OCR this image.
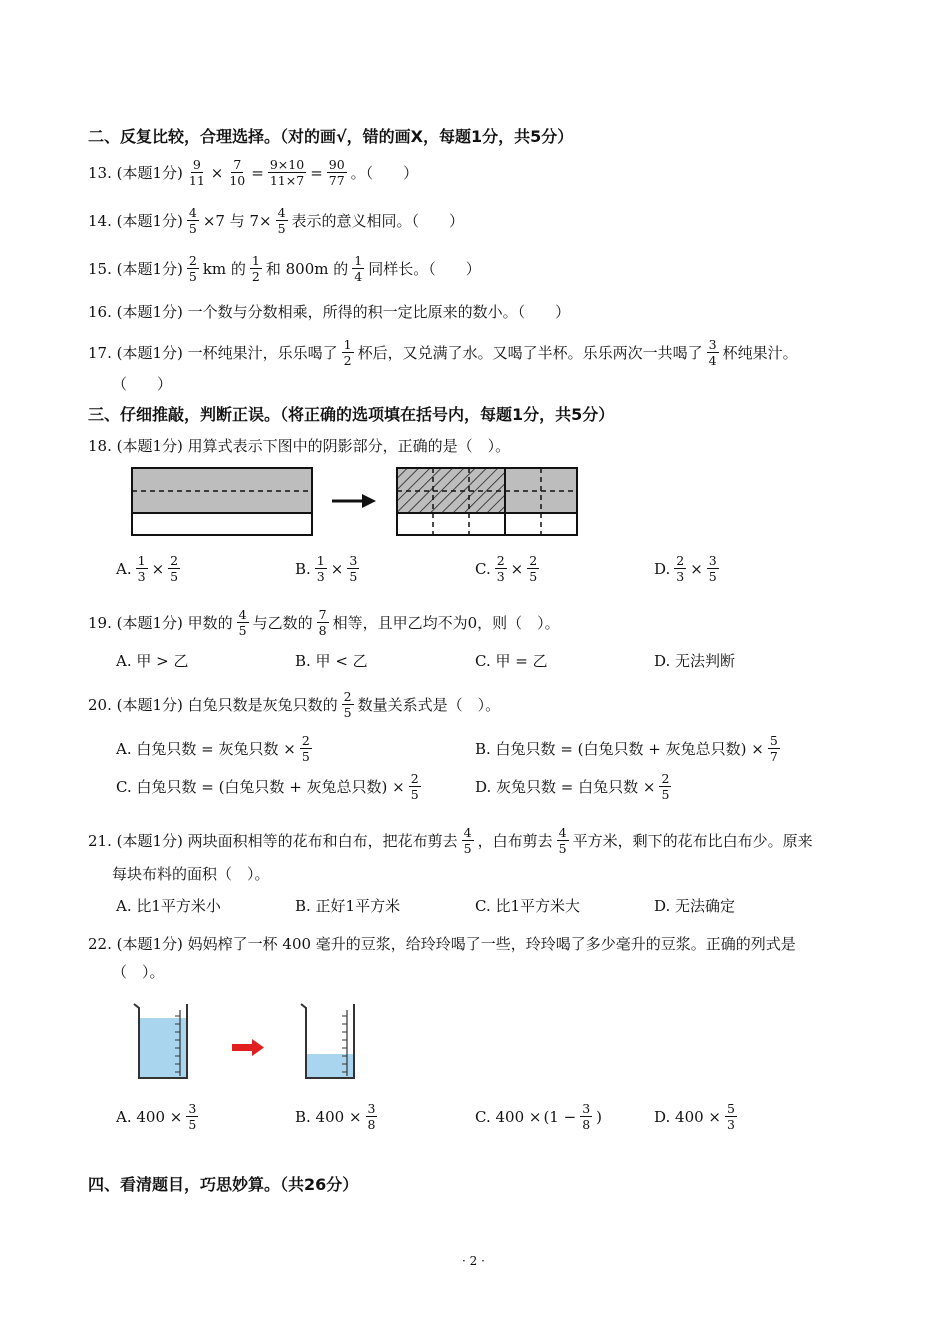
二、反复比较，合理选择。（对的画√，错的画X，每题1分，共5分）
13. (本题1分) $\frac{9}{11} \times \frac{7}{10} = \frac{9\times 10}{11\times 7} = \frac{90}{77}$ 。（　　）
14. (本题1分) $\frac{4}{5} \times 7$ 与 $7\times \frac{4}{5}$ 表示的意义相同。（　　）
15. (本题1分) $\frac{2}{5}$ km 的 $\frac{1}{2}$ 和 800m 的 $\frac{1}{4}$ 同样长。（　　）
16. (本题1分) 一个数与分数相乘，所得的积一定比原来的数小。（　　）
17. (本题1分) 一杯纯果汁，乐乐喝了 $\frac{1}{2}$ 杯后，又兑满了水。又喝了半杯。乐乐两次一共喝了 $\frac{3}{4}$ 杯纯果汁。
（　　）
三、仔细推敲，判断正误。（将正确的选项填在括号内，每题1分，共5分）
18. (本题1分) 用算式表示下图中的阴影部分，正确的是（　）。
A. $\frac{1}{3} \times \frac{2}{5}$	B. $\frac{1}{3} \times \frac{3}{5}$	C. $\frac{2}{3} \times \frac{2}{5}$	D. $\frac{2}{3} \times \frac{3}{5}$
19. (本题1分) 甲数的 $\frac{4}{5}$ 与乙数的 $\frac{7}{8}$ 相等，且甲乙均不为0，则（　）。
A. 甲 > 乙	B. 甲 < 乙	C. 甲 = 乙	D. 无法判断
20. (本题1分) 白兔只数是灰兔只数的 $\frac{2}{5}$ 数量关系式是（　）。
A. 白兔只数 = 灰兔只数 × $\frac{2}{5}$	B. 白兔只数 = (白兔只数 + 灰兔总只数) × $\frac{5}{7}$
C. 白兔只数 = (白兔只数 + 灰兔总只数) × $\frac{2}{5}$	D. 灰兔只数 = 白兔只数 × $\frac{2}{5}$
21. (本题1分) 两块面积相等的花布和白布，把花布剪去 $\frac{4}{5}$ ，白布剪去 $\frac{4}{5}$ 平方米，剩下的花布比白布少。原来
每块布料的面积（　）。
A. 比1平方米小	B. 正好1平方米	C. 比1平方米大	D. 无法确定
22. (本题1分) 妈妈榨了一杯 400 毫升的豆浆，给玲玲喝了一些，玲玲喝了多少毫升的豆浆。正确的列式是
（　）。
A. $400 \times \frac{3}{5}$	B. $400 \times \frac{3}{8}$	C. $400 \times (1 - \frac{3}{8}$ )	D. $400 \times \frac{5}{3}$
四、看清题目，巧思妙算。（共26分）
· 2 ·
